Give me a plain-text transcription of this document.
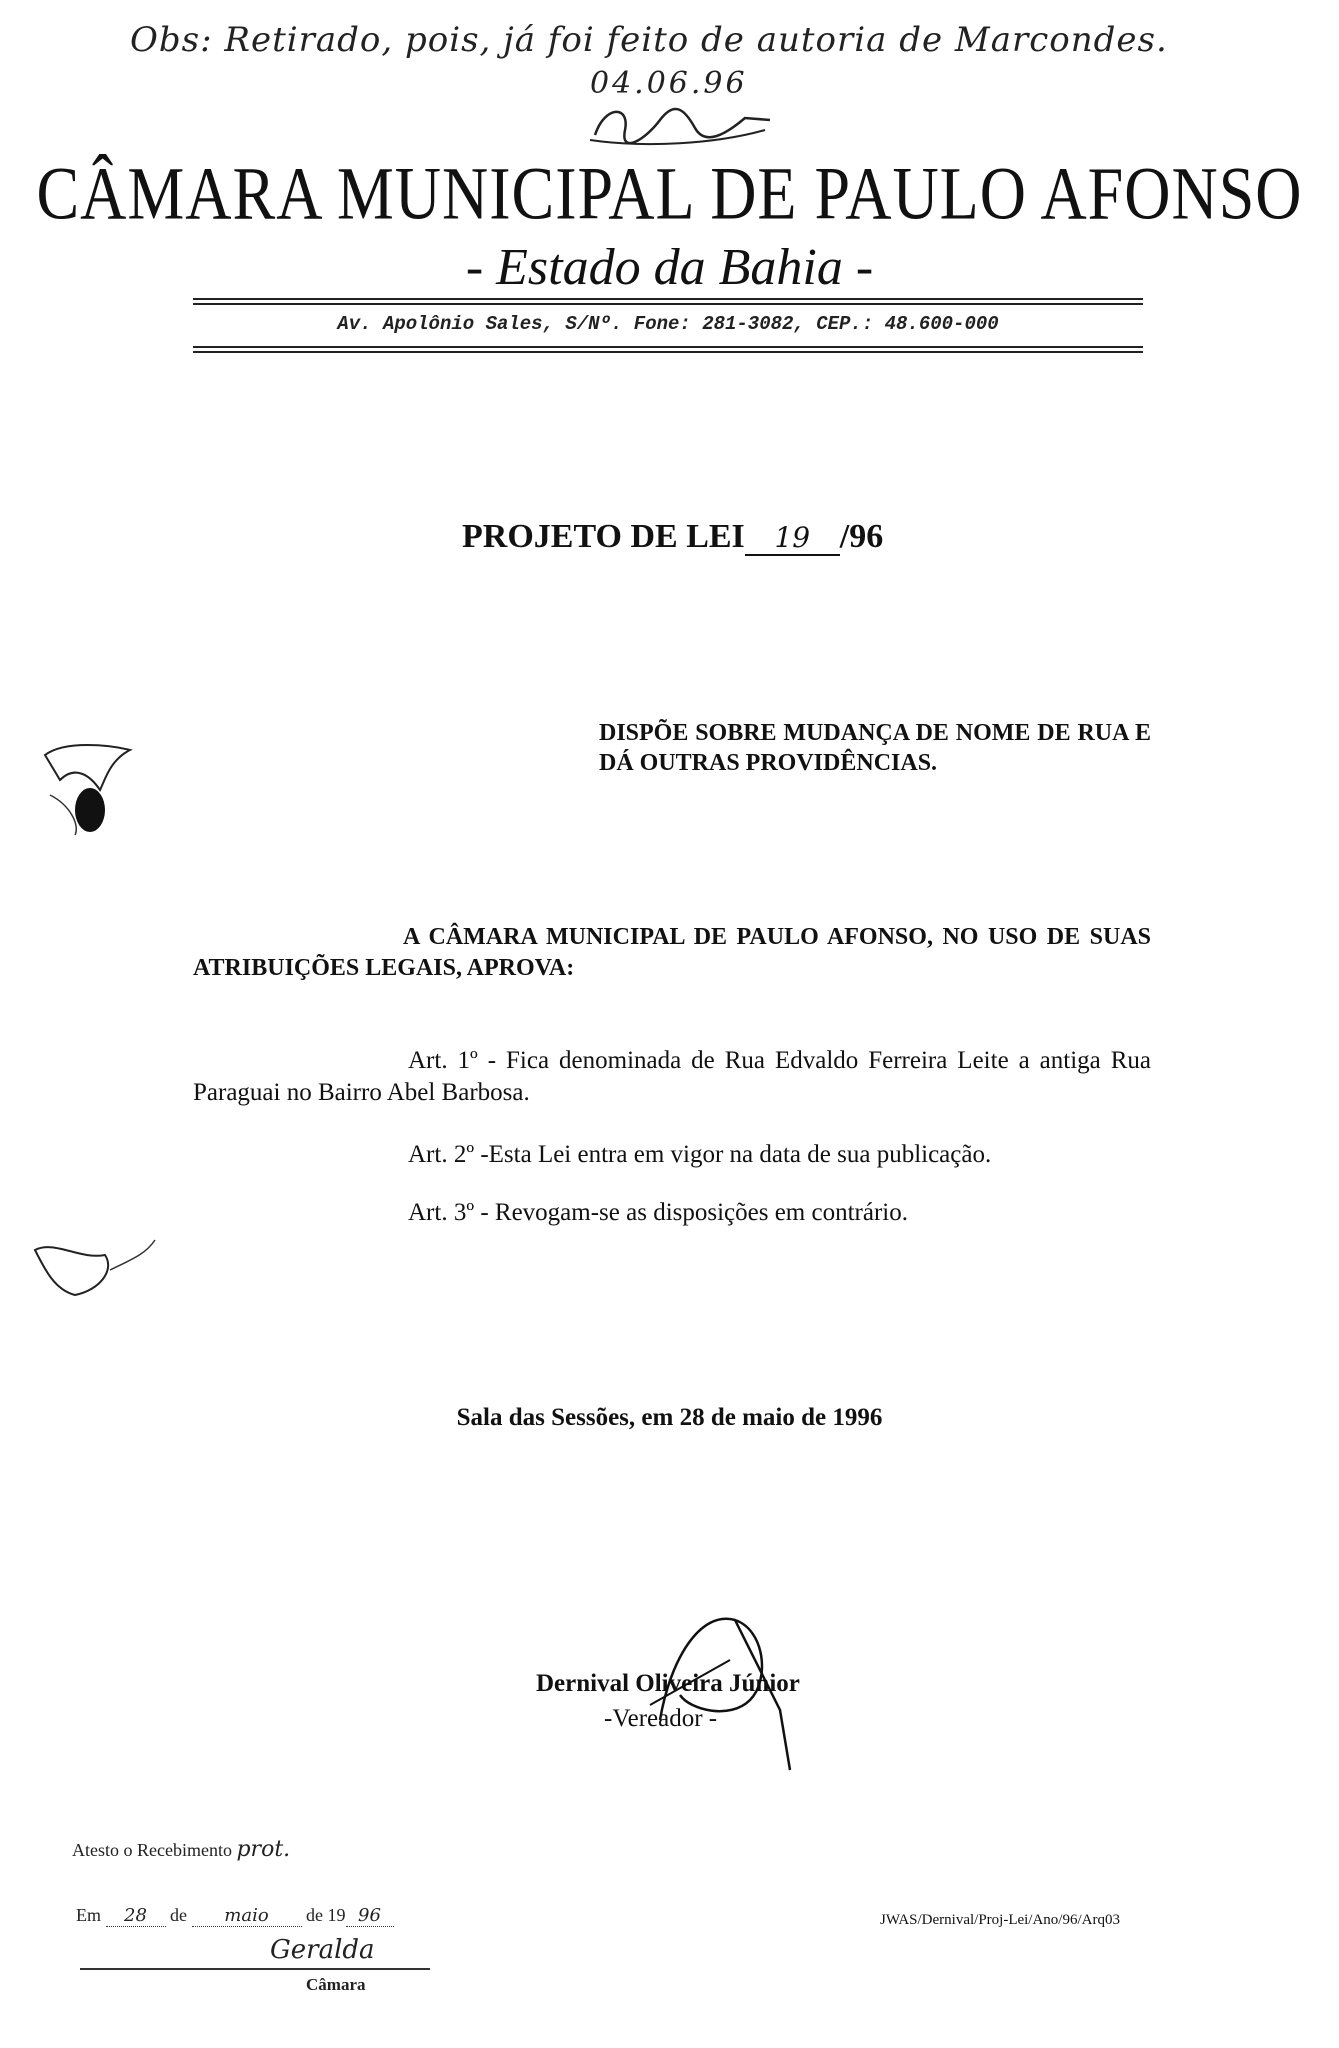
Obs: Retirado, pois, já foi feito de autoria de Marcondes.
04.06.96
CÂMARA MUNICIPAL DE PAULO AFONSO
- Estado da Bahia -
Av. Apolônio Sales, S/Nº. Fone: 281-3082, CEP.: 48.600-000
PROJETO DE LEI 19 /96
DISPÕE SOBRE MUDANÇA DE NOME DE RUA E DÁ OUTRAS PROVIDÊNCIAS.
A CÂMARA MUNICIPAL DE PAULO AFONSO, NO USO DE SUAS ATRIBUIÇÕES LEGAIS, APROVA:
Art. 1º - Fica denominada de Rua Edvaldo Ferreira Leite a antiga Rua Paraguai no Bairro Abel Barbosa.
Art. 2º -Esta Lei entra em vigor na data de sua publicação.
Art. 3º - Revogam-se as disposições em contrário.
Sala das Sessões, em 28 de maio de 1996
Dernival Oliveira Júnior
-Vereador -
Atesto o Recebimento prot.
Em 28 de maio de 19 96
Geralda
Câmara
JWAS/Dernival/Proj-Lei/Ano/96/Arq03
